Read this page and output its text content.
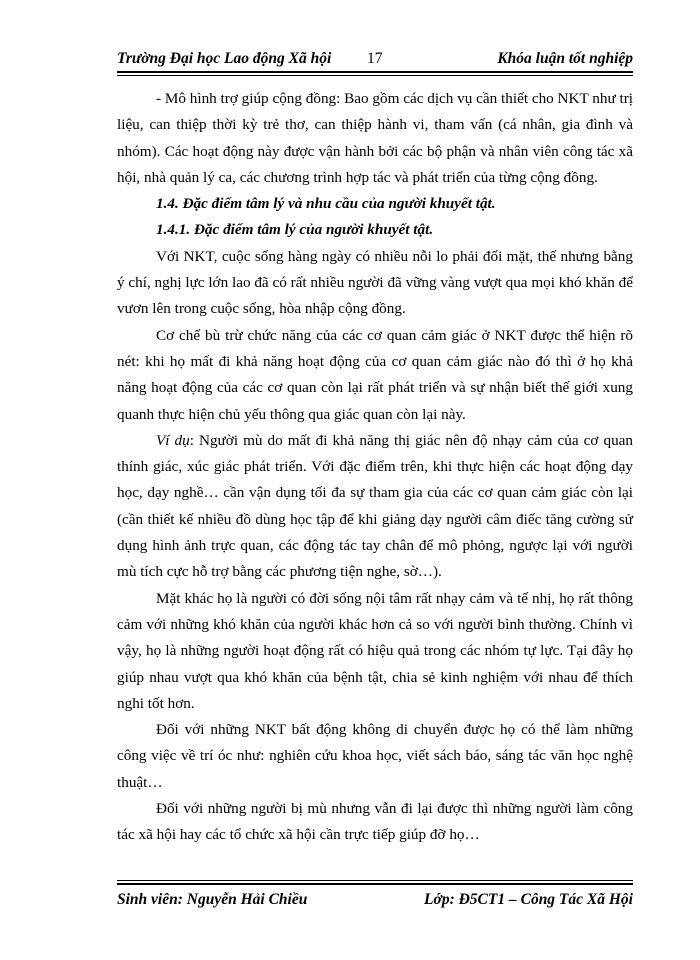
Trường Đại học Lao động Xã hội 17	Khóa luận tốt nghiệp

- Mô hình trợ giúp cộng đồng: Bao gồm các dịch vụ cần thiết cho NKT như trị liệu, can thiệp thời kỳ trẻ thơ, can thiệp hành vi, tham vấn (cá nhân, gia đình và nhóm). Các hoạt động này được vận hành bởi các bộ phận và nhân viên công tác xã hội, nhà quản lý ca, các chương trình hợp tác và phát triển của từng cộng đồng.

1.4. Đặc điểm tâm lý và nhu cầu của người khuyết tật.

1.4.1. Đặc điểm tâm lý của người khuyết tật.

Với NKT, cuộc sống hàng ngày có nhiều nỗi lo phải đối mặt, thế nhưng bằng ý chí, nghị lực lớn lao đã có rất nhiều người đã vững vàng vượt qua mọi khó khăn để vươn lên trong cuộc sống, hòa nhập cộng đồng.

Cơ chế bù trừ chức năng của các cơ quan cảm giác ở NKT được thể hiện rõ nét: khi họ mất đi khả năng hoạt động của cơ quan cảm giác nào đó thì ở họ khả năng hoạt động của các cơ quan còn lại rất phát triển và sự nhận biết thế giới xung quanh thực hiện chủ yếu thông qua giác quan còn lại này.

Ví dụ: Người mù do mất đi khả năng thị giác nên độ nhạy cảm của cơ quan thính giác, xúc giác phát triển. Với đặc điểm trên, khi thực hiện các hoạt động dạy học, dạy nghề… cần vận dụng tối đa sự tham gia của các cơ quan cảm giác còn lại (cần thiết kế nhiều đồ dùng học tập để khi giảng dạy người câm điếc tăng cường sử dụng hình ảnh trực quan, các động tác tay chân để mô phỏng, ngược lại với người mù tích cực hỗ trợ bằng các phương tiện nghe, sờ…).

Mặt khác họ là người có đời sống nội tâm rất nhạy cảm và tế nhị, họ rất thông cảm với những khó khăn của người khác hơn cả so với người bình thường. Chính vì vậy, họ là những người hoạt động rất có hiệu quả trong các nhóm tự lực. Tại đây họ giúp nhau vượt qua khó khăn của bệnh tật, chia sẻ kinh nghiệm với nhau để thích nghi tốt hơn.

Đối với những NKT bất động không di chuyển được họ có thể làm những công việc về trí óc như: nghiên cứu khoa học, viết sách báo, sáng tác văn học nghệ thuật…

Đối với những người bị mù nhưng vẫn đi lại được thì những người làm công tác xã hội hay các tổ chức xã hội cần trực tiếp giúp đỡ họ…

Sinh viên: Nguyễn Hải Chiều	Lớp: Đ5CT1 – Công Tác Xã Hội
